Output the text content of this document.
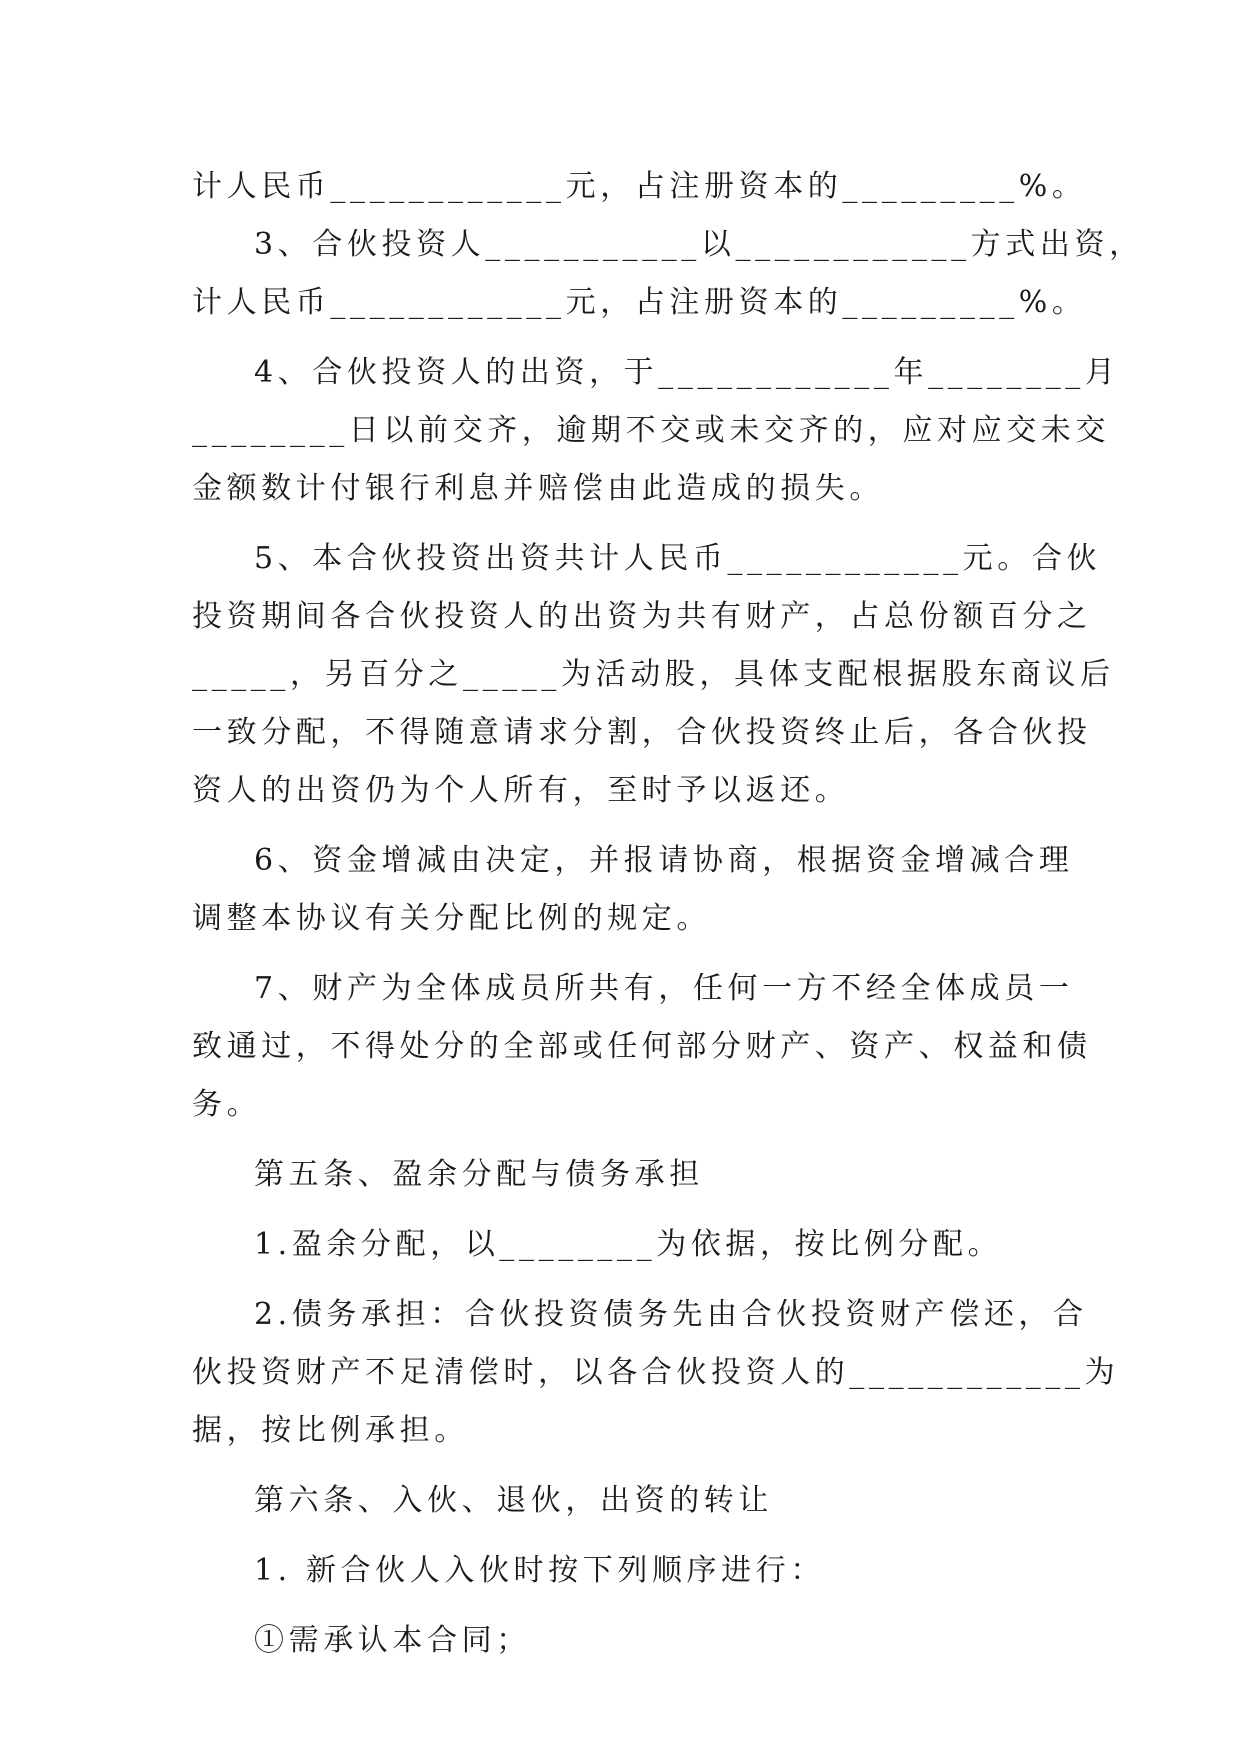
计人民币____________元，占注册资本的_________%。
3、合伙投资人___________以____________方式出资，
计人民币____________元，占注册资本的_________%。
4、合伙投资人的出资，于____________年________月
________日以前交齐，逾期不交或未交齐的，应对应交未交
金额数计付银行利息并赔偿由此造成的损失。
5、本合伙投资出资共计人民币____________元。合伙
投资期间各合伙投资人的出资为共有财产，占总份额百分之
_____，另百分之_____为活动股，具体支配根据股东商议后
一致分配，不得随意请求分割，合伙投资终止后，各合伙投
资人的出资仍为个人所有，至时予以返还。
6、资金增减由决定，并报请协商，根据资金增减合理
调整本协议有关分配比例的规定。
7、财产为全体成员所共有，任何一方不经全体成员一
致通过，不得处分的全部或任何部分财产、资产、权益和债
务。
第五条、盈余分配与债务承担
1.盈余分配，以________为依据，按比例分配。
2.债务承担：合伙投资债务先由合伙投资财产偿还，合
伙投资财产不足清偿时，以各合伙投资人的____________为
据，按比例承担。
第六条、入伙、退伙，出资的转让
1. 新合伙人入伙时按下列顺序进行：
①需承认本合同；
